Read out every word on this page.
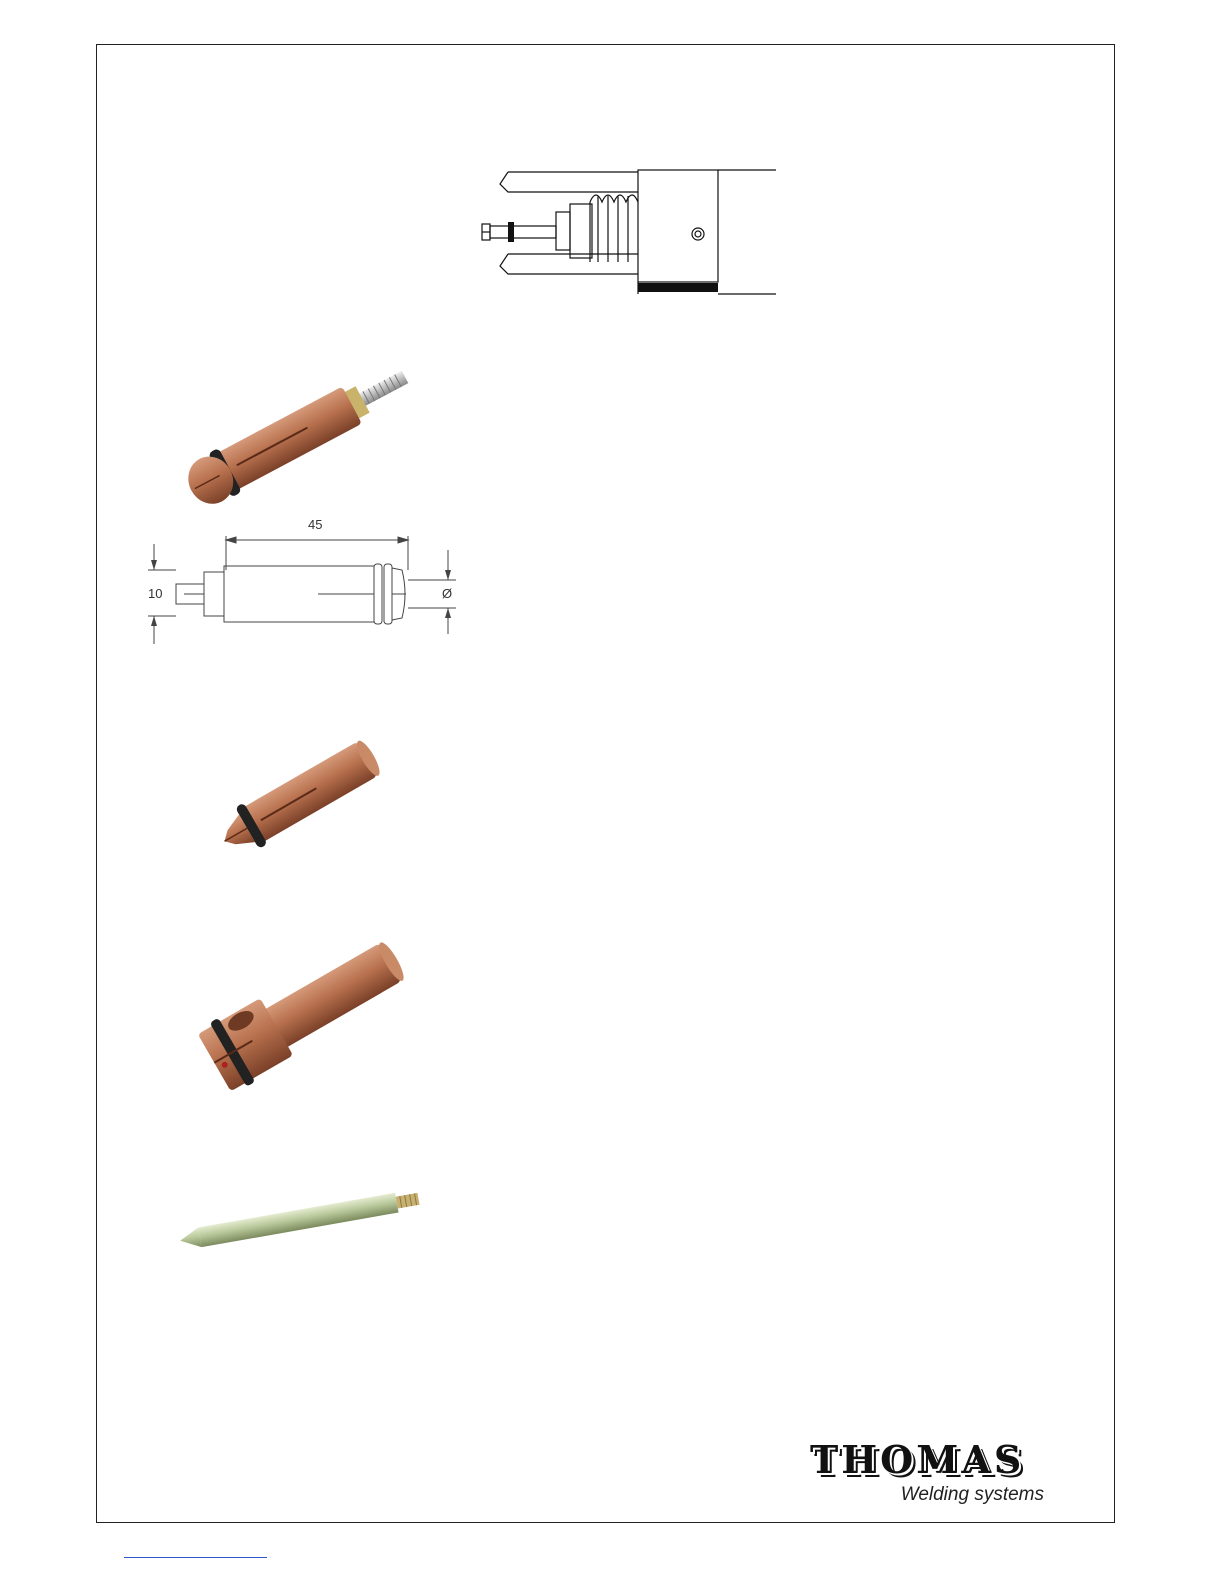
45
10	Ø
THOMAS
Welding systems
